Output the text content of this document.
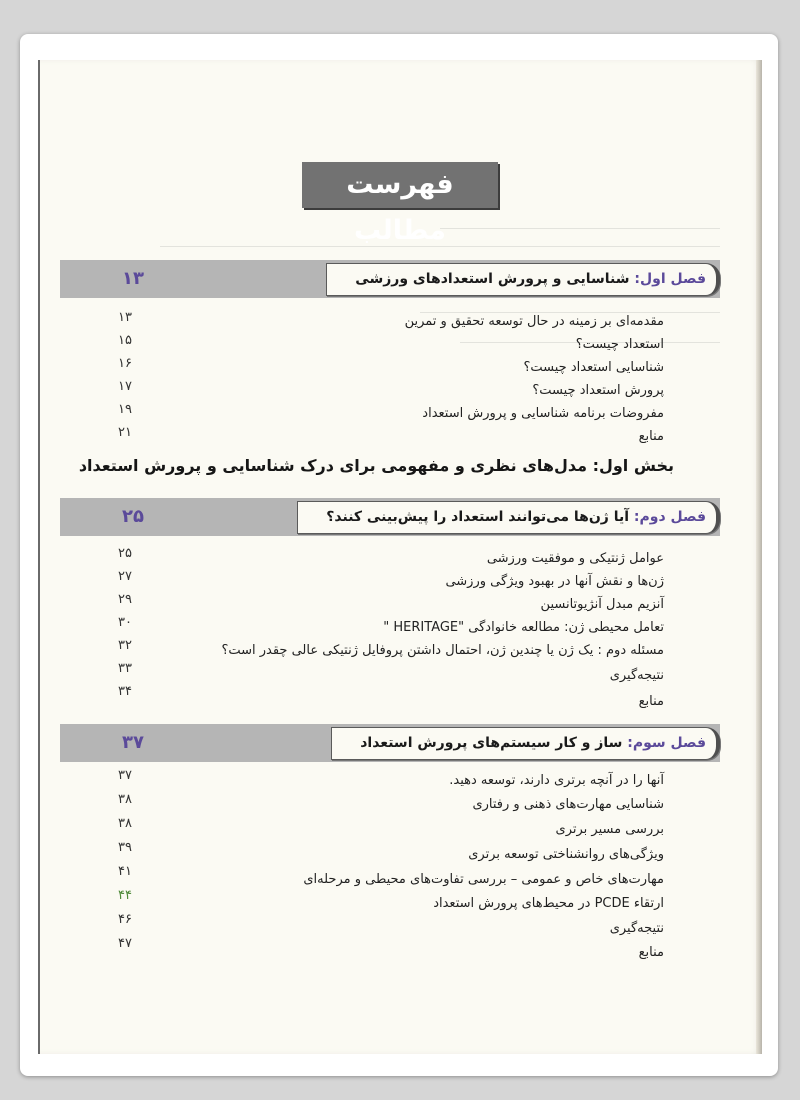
فهرست مطالب
فصل اول: شناسایی و پرورش استعدادهای ورزشی
۱۳
مقدمه‌ای بر زمینه در حال توسعه تحقیق و تمرین
۱۳
استعداد چیست؟
۱۵
شناسایی استعداد چیست؟
۱۶
پرورش استعداد چیست؟
۱۷
مفروضات برنامه شناسایی و پرورش استعداد
۱۹
منابع
۲۱
بخش اول: مدل‌های نظری و مفهومی برای درک شناسایی و پرورش استعداد
فصل دوم: آیا ژن‌ها می‌توانند استعداد را پیش‌بینی کنند؟
۲۵
عوامل ژنتیکی و موفقیت ورزشی
۲۵
ژن‌ها و نقش آنها در بهبود ویژگی ورزشی
۲۷
آنزیم مبدل آنژیوتانسین
۲۹
تعامل محیطی ژن: مطالعه خانوادگی "HERITAGE "
۳۰
مسئله دوم : یک ژن یا چندین ژن، احتمال داشتن پروفایل ژنتیکی عالی چقدر است؟
۳۲
نتیجه‌گیری
۳۳
منابع
۳۴
فصل سوم: ساز و کار سیستم‌های پرورش استعداد
۳۷
آنها را در آنچه برتری دارند، توسعه دهید.
۳۷
شناسایی مهارت‌های ذهنی و رفتاری
۳۸
بررسی مسیر برتری
۳۸
ویژگی‌های روانشناختی توسعه برتری
۳۹
مهارت‌های خاص و عمومی – بررسی تفاوت‌های محیطی و مرحله‌ای
۴۱
ارتقاء PCDE در محیط‌های پرورش استعداد
۴۴
نتیجه‌گیری
۴۶
منابع
۴۷
